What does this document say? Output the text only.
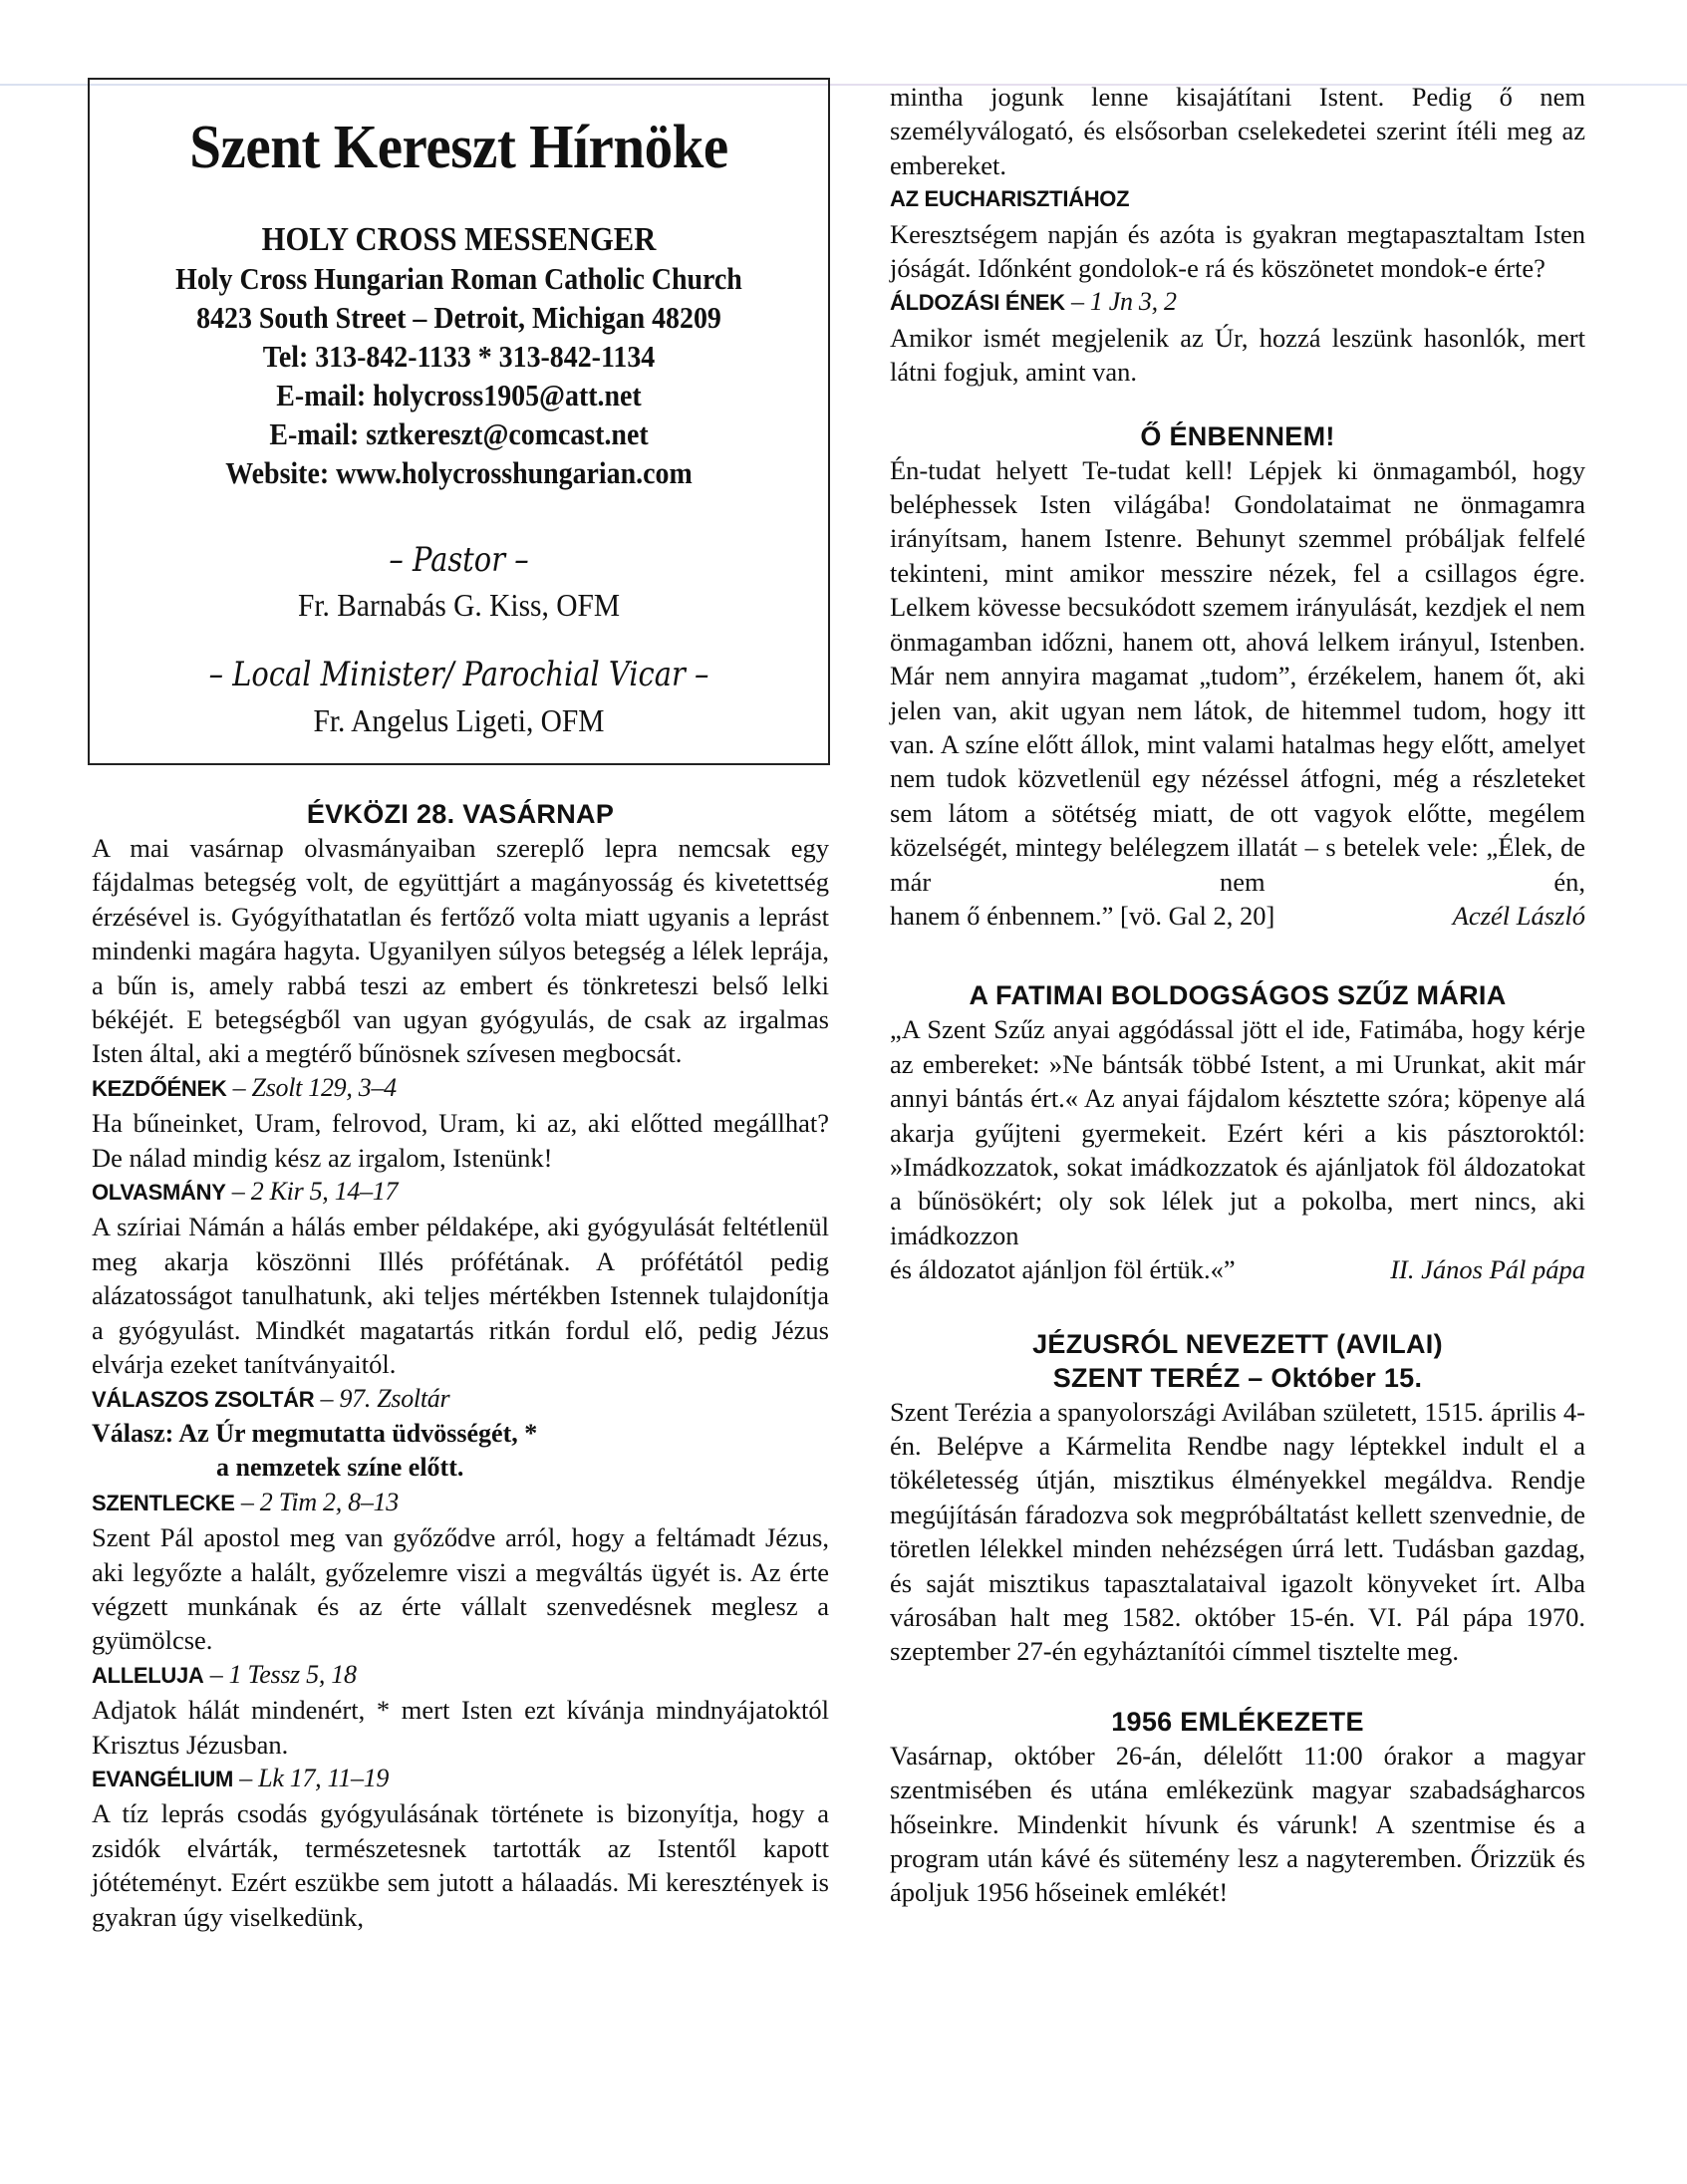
Szent Kereszt Hírnöke
HOLY CROSS MESSENGER
Holy Cross Hungarian Roman Catholic Church
8423 South Street – Detroit, Michigan 48209
Tel: 313-842-1133 * 313-842-1134
E-mail: holycross1905@att.net
E-mail: sztkereszt@comcast.net
Website: www.holycrosshungarian.com
– Pastor –
Fr. Barnabás G. Kiss, OFM
– Local Minister/ Parochial Vicar –
Fr. Angelus Ligeti, OFM
ÉVKÖZI 28. VASÁRNAP
A mai vasárnap olvasmányaiban szereplő lepra nemcsak egy fájdalmas betegség volt, de együttjárt a magányosság és kivetettség érzésével is. Gyógyíthatatlan és fertőző volta miatt ugyanis a leprást mindenki magára hagyta. Ugyanilyen súlyos betegség a lélek leprája, a bűn is, amely rabbá teszi az embert és tönkreteszi belső lelki békéjét. E betegségből van ugyan gyógyulás, de csak az irgalmas Isten által, aki a megtérő bűnösnek szívesen megbocsát.
KEZDŐÉNEK – Zsolt 129, 3–4
Ha bűneinket, Uram, felrovod, Uram, ki az, aki előtted megállhat? De nálad mindig kész az irgalom, Istenünk!
OLVASMÁNY – 2 Kir 5, 14–17
A szíriai Námán a hálás ember példaképe, aki gyógyulását feltétlenül meg akarja köszönni Illés prófétának. A prófétától pedig alázatosságot tanulhatunk, aki teljes mértékben Istennek tulajdonítja a gyógyulást. Mindkét magatartás ritkán fordul elő, pedig Jézus elvárja ezeket tanítványaitól.
VÁLASZOS ZSOLTÁR – 97. Zsoltár
Válasz: Az Úr megmutatta üdvösségét, *
a nemzetek színe előtt.
SZENTLECKE – 2 Tim 2, 8–13
Szent Pál apostol meg van győződve arról, hogy a feltámadt Jézus, aki legyőzte a halált, győzelemre viszi a megváltás ügyét is. Az érte végzett munkának és az érte vállalt szenvedésnek meglesz a gyümölcse.
ALLELUJA – 1 Tessz 5, 18
Adjatok hálát mindenért, * mert Isten ezt kívánja mindnyájatoktól Krisztus Jézusban.
EVANGÉLIUM – Lk 17, 11–19
A tíz leprás csodás gyógyulásának története is bizonyítja, hogy a zsidók elvárták, természetesnek tartották az Istentől kapott jótéteményt. Ezért eszükbe sem jutott a hálaadás. Mi keresztények is gyakran úgy viselkedünk,
mintha jogunk lenne kisajátítani Istent. Pedig ő nem személyválogató, és elsősorban cselekedetei szerint ítéli meg az embereket.
AZ EUCHARISZTIÁHOZ
Keresztségem napján és azóta is gyakran megtapasztaltam Isten jóságát. Időnként gondolok-e rá és köszönetet mondok-e érte?
ÁLDOZÁSI ÉNEK – 1 Jn 3, 2
Amikor ismét megjelenik az Úr, hozzá leszünk hasonlók, mert látni fogjuk, amint van.
Ő ÉNBENNEM!
Én-tudat helyett Te-tudat kell! Lépjek ki önmagamból, hogy beléphessek Isten világába! Gondolataimat ne önmagamra irányítsam, hanem Istenre. Behunyt szemmel próbáljak felfelé tekinteni, mint amikor messzire nézek, fel a csillagos égre. Lelkem kövesse becsukódott szemem irányulását, kezdjek el nem önmagamban időzni, hanem ott, ahová lelkem irányul, Istenben. Már nem annyira magamat „tudom”, érzékelem, hanem őt, aki jelen van, akit ugyan nem látok, de hitemmel tudom, hogy itt van. A színe előtt állok, mint valami hatalmas hegy előtt, amelyet nem tudok közvetlenül egy nézéssel átfogni, még a részleteket sem látom a sötétség miatt, de ott vagyok előtte, megélem közelségét, mintegy belélegzem illatát – s betelek vele: „Élek, de már nem én,
hanem ő énbennem.” [vö. Gal 2, 20]	Aczél László
A FATIMAI BOLDOGSÁGOS SZŰZ MÁRIA
„A Szent Szűz anyai aggódással jött el ide, Fatimába, hogy kérje az embereket: »Ne bántsák többé Istent, a mi Urunkat, akit már annyi bántás ért.« Az anyai fájdalom késztette szóra; köpenye alá akarja gyűjteni gyermekeit. Ezért kéri a kis pásztoroktól: »Imádkozzatok, sokat imádkozzatok és ajánljatok föl áldozatokat a bűnösökért; oly sok lélek jut a pokolba, mert nincs, aki imádkozzon
és áldozatot ajánljon föl értük.«”	II. János Pál pápa
JÉZUSRÓL NEVEZETT (AVILAI)
SZENT TERÉZ – Október 15.
Szent Terézia a spanyolországi Avilában született, 1515. április 4-én. Belépve a Kármelita Rendbe nagy léptekkel indult el a tökéletesség útján, misztikus élményekkel megáldva. Rendje megújításán fáradozva sok megpróbáltatást kellett szenvednie, de töretlen lélekkel minden nehézségen úrrá lett. Tudásban gazdag, és saját misztikus tapasztalataival igazolt könyveket írt. Alba városában halt meg 1582. október 15-én. VI. Pál pápa 1970. szeptember 27-én egyháztanítói címmel tisztelte meg.
1956 EMLÉKEZETE
Vasárnap, október 26-án, délelőtt 11:00 órakor a magyar szentmisében és utána emlékezünk magyar szabadságharcos hőseinkre. Mindenkit hívunk és várunk! A szentmise és a program után kávé és sütemény lesz a nagyteremben. Őrizzük és ápoljuk 1956 hőseinek emlékét!
